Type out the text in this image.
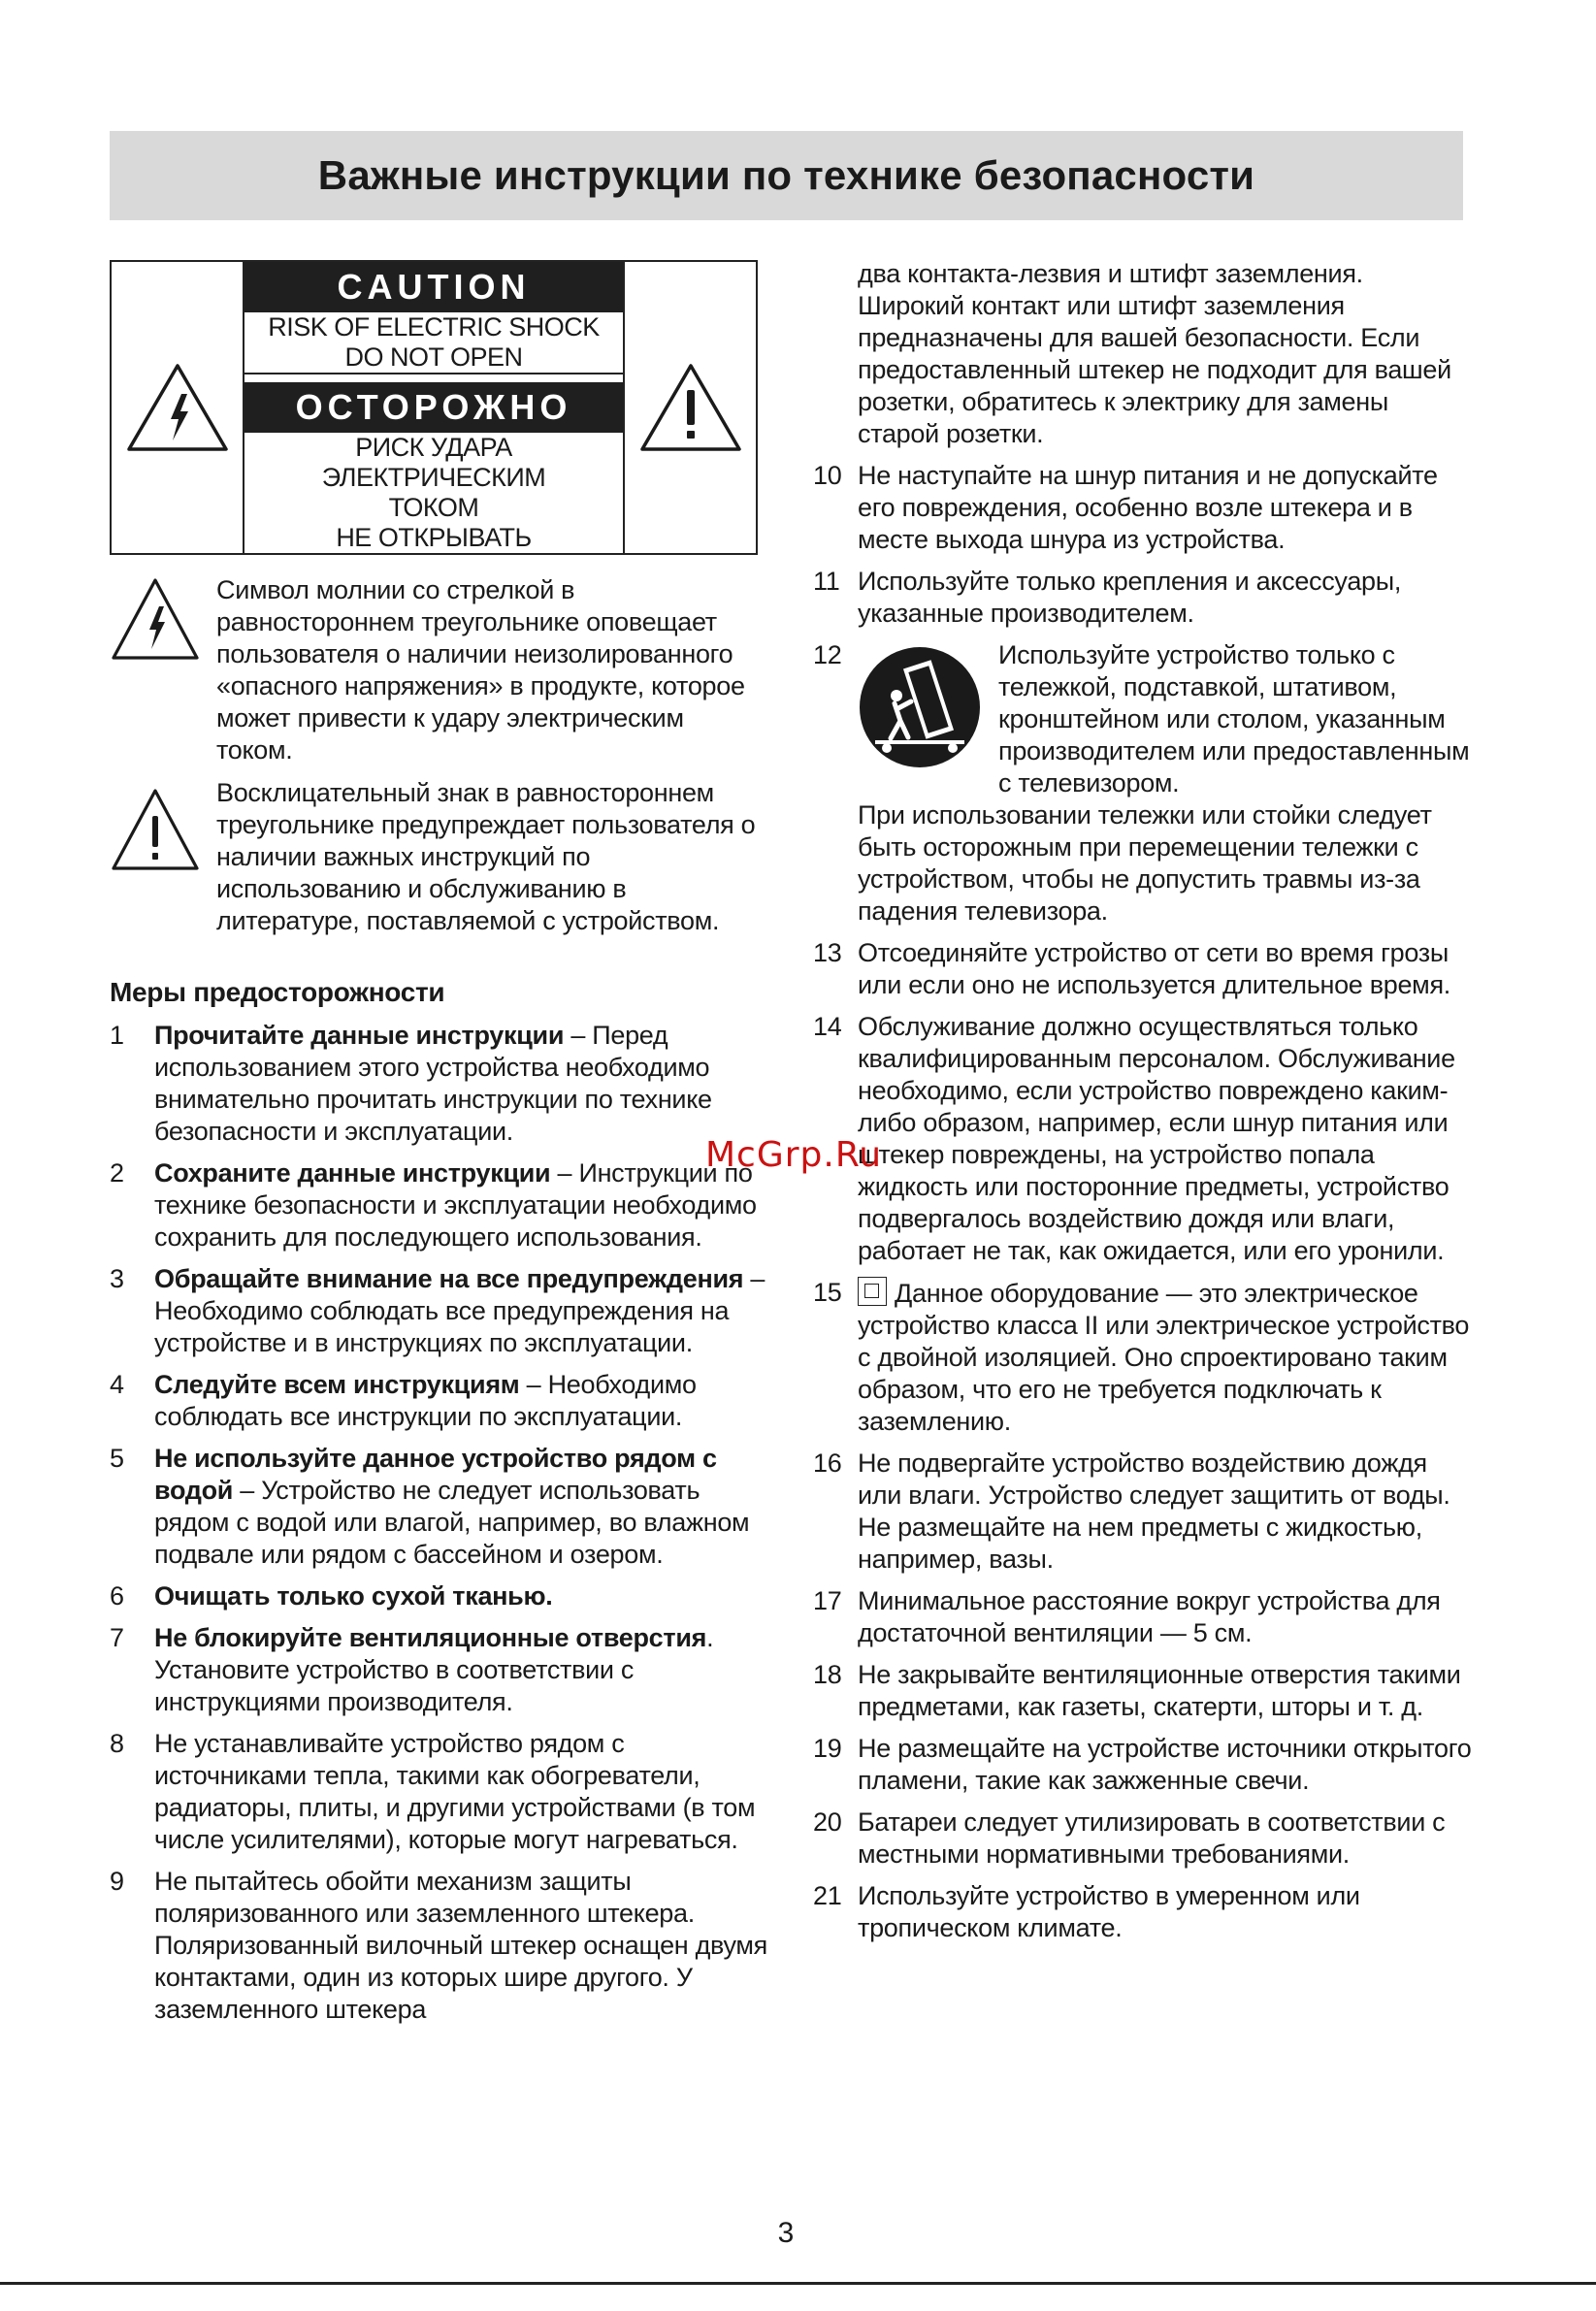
Важные инструкции по технике безопасности
CAUTION
RISK OF ELECTRIC SHOCK
DO NOT OPEN
ОСТОРОЖНО
РИСК УДАРА ЭЛЕКТРИЧЕСКИМ
ТОКОМ
НЕ ОТКРЫВАТЬ
Символ молнии со стрелкой в равностороннем треугольнике оповещает пользователя о наличии неизолированного «опасного напряжения» в продукте, которое может привести к удару электрическим током.
Восклицательный знак в равностороннем треугольнике предупреждает пользователя о наличии важных инструкций по использованию и обслуживанию в литературе, поставляемой с устройством.
Меры предосторожности
1 Прочитайте данные инструкции – Перед использованием этого устройства необходимо внимательно прочитать инструкции по технике безопасности и эксплуатации.
2 Сохраните данные инструкции – Инструкции по технике безопасности и эксплуатации необходимо сохранить для последующего использования.
3 Обращайте внимание на все предупреждения – Необходимо соблюдать все предупреждения на устройстве и в инструкциях по эксплуатации.
4 Следуйте всем инструкциям – Необходимо соблюдать все инструкции по эксплуатации.
5 Не используйте данное устройство рядом с водой – Устройство не следует использовать рядом с водой или влагой, например, во влажном подвале или рядом с бассейном и озером.
6 Очищать только сухой тканью.
7 Не блокируйте вентиляционные отверстия. Установите устройство в соответствии с инструкциями производителя.
8 Не устанавливайте устройство рядом с источниками тепла, такими как обогреватели, радиаторы, плиты, и другими устройствами (в том числе усилителями), которые могут нагреваться.
9 Не пытайтесь обойти механизм защиты поляризованного или заземленного штекера. Поляризованный вилочный штекер оснащен двумя контактами, один из которых шире другого. У заземленного штекера
два контакта-лезвия и штифт заземления. Широкий контакт или штифт заземления предназначены для вашей безопасности. Если предоставленный штекер не подходит для вашей розетки, обратитесь к электрику для замены старой розетки.
10 Не наступайте на шнур питания и не допускайте его повреждения, особенно возле штекера и в месте выхода шнура из устройства.
11 Используйте только крепления и аксессуары, указанные производителем.
12	Используйте устройство только с тележкой, подставкой, штативом, кронштейном или столом, указанным производителем или предоставленным с телевизором.
При использовании тележки или стойки следует быть осторожным при перемещении тележки с устройством, чтобы не допустить травмы из-за падения телевизора.
13 Отсоединяйте устройство от сети во время грозы или если оно не используется длительное время.
14 Обслуживание должно осуществляться только квалифицированным персоналом. Обслуживание необходимо, если устройство повреждено каким-либо образом, например, если шнур питания или штекер повреждены, на устройство попала жидкость или посторонние предметы, устройство подвергалось воздействию дождя или влаги, работает не так, как ожидается, или его уронили.
15 Данное оборудование — это электрическое устройство класса II или электрическое устройство с двойной изоляцией. Оно спроектировано таким образом, что его не требуется подключать к заземлению.
16 Не подвергайте устройство воздействию дождя или влаги. Устройство следует защитить от воды. Не размещайте на нем предметы с жидкостью, например, вазы.
17 Минимальное расстояние вокруг устройства для достаточной вентиляции — 5 см.
18 Не закрывайте вентиляционные отверстия такими предметами, как газеты, скатерти, шторы и т. д.
19 Не размещайте на устройстве источники открытого пламени, такие как зажженные свечи.
20 Батареи следует утилизировать в соответствии с местными нормативными требованиями.
21 Используйте устройство в умеренном или тропическом климате.
McGrp.Ru
3
